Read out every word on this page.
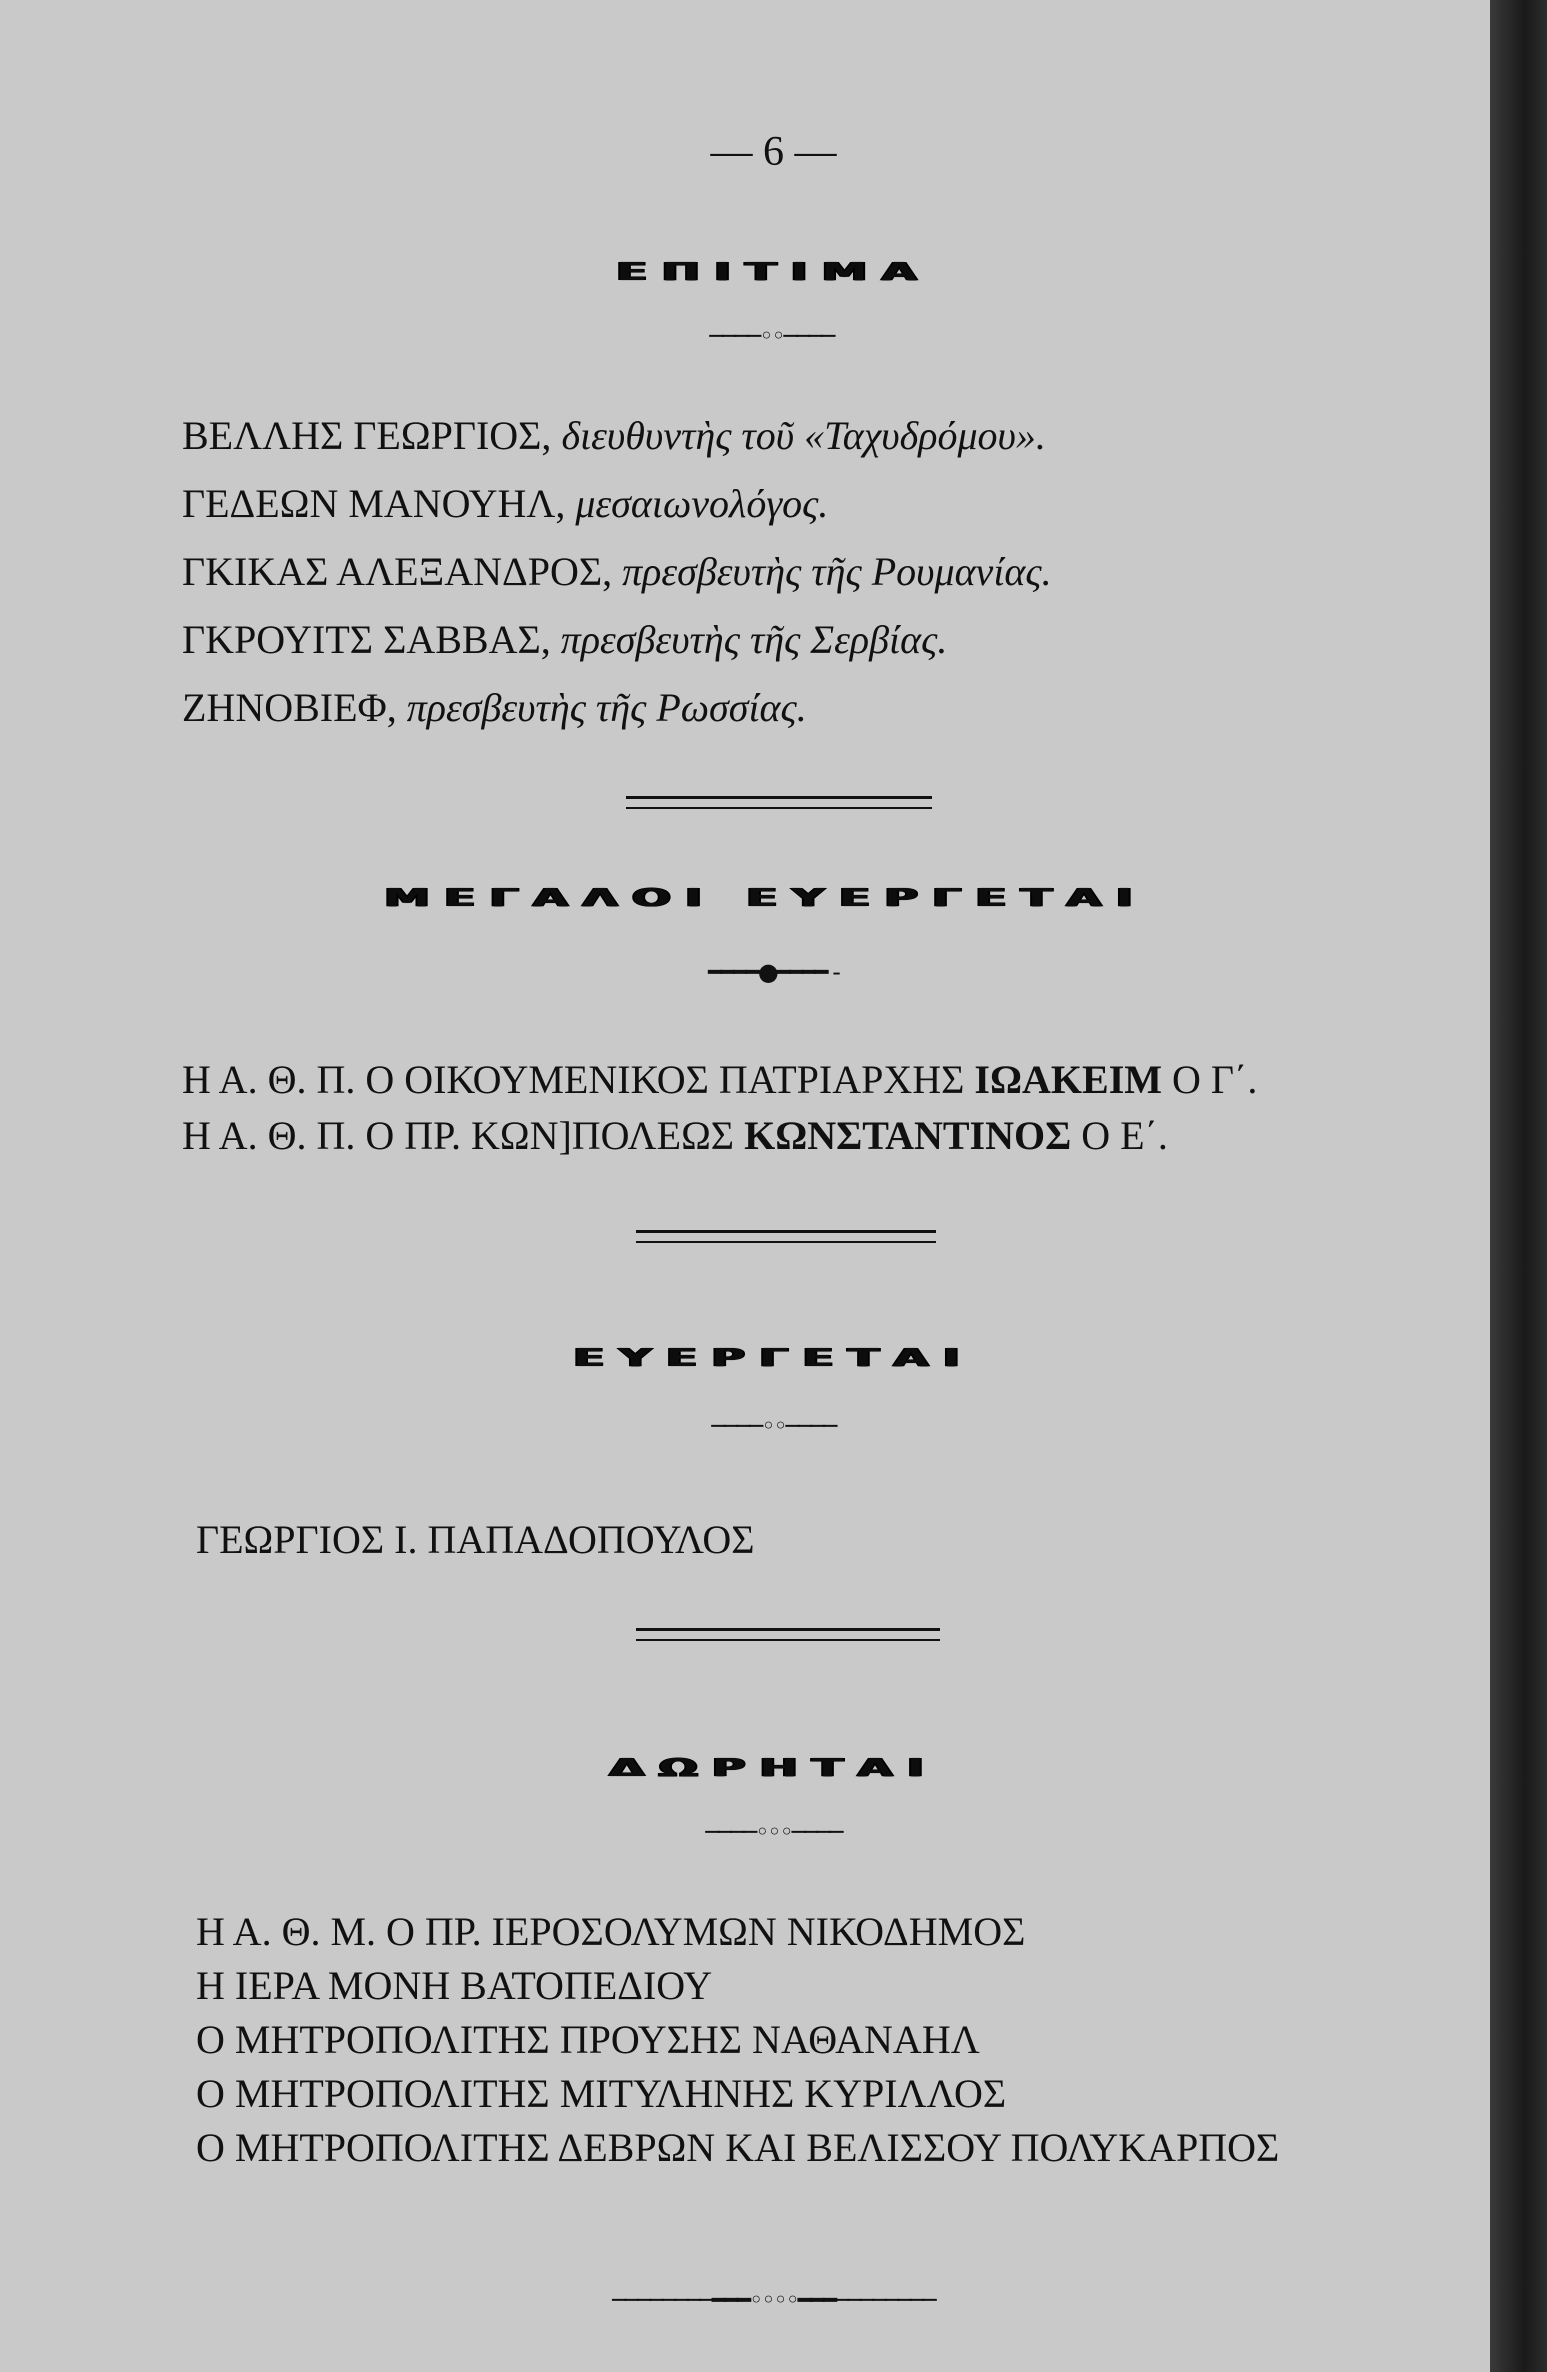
— 6 —
ΕΠΙΤΙΜΑ
────◦◦────
ΒΕΛΛΗΣ ΓΕΩΡΓΙΟΣ, διευθυντὴς τοῦ «Ταχυδρόμου».
ΓΕΔΕΩΝ ΜΑΝΟΥΗΛ, μεσαιωνολόγος.
ΓΚΙΚΑΣ ΑΛΕΞΑΝΔΡΟΣ, πρεσβευτὴς τῆς Ρουμανίας.
ΓΚΡΟΥΙΤΣ ΣΑΒΒΑΣ, πρεσβευτὴς τῆς Σερβίας.
ΖΗΝΟΒΙΕΦ, πρεσβευτὴς τῆς Ρωσσίας.
ΜΕΓΑΛΟΙ ΕΥΕΡΓΕΤΑΙ
━━━━●━━━━ -
Η Α. Θ. Π. Ο ΟΙΚΟΥΜΕΝΙΚΟΣ ΠΑΤΡΙΑΡΧΗΣ ΙΩΑΚΕΙΜ Ο Γ΄.
Η Α. Θ. Π. Ο ΠΡ. ΚΩΝ]ΠΟΛΕΩΣ ΚΩΝΣΤΑΝΤΙΝΟΣ Ο Ε΄.
ΕΥΕΡΓΕΤΑΙ
────◦◦────
ΓΕΩΡΓΙΟΣ Ι. ΠΑΠΑΔΟΠΟΥΛΟΣ
ΔΩΡΗΤΑΙ
────◦◦◦────
Η Α. Θ. Μ. Ο ΠΡ. ΙΕΡΟΣΟΛΥΜΩΝ ΝΙΚΟΔΗΜΟΣ
Η ΙΕΡΑ ΜΟΝΗ ΒΑΤΟΠΕΔΙΟΥ
Ο ΜΗΤΡΟΠΟΛΙΤΗΣ ΠΡΟΥΣΗΣ ΝΑΘΑΝΑΗΛ
Ο ΜΗΤΡΟΠΟΛΙΤΗΣ ΜΙΤΥΛΗΝΗΣ ΚΥΡΙΛΛΟΣ
Ο ΜΗΤΡΟΠΟΛΙΤΗΣ ΔΕΒΡΩΝ ΚΑΙ ΒΕΛΙΣΣΟΥ ΠΟΛΥΚΑΡΠΟΣ
────────━━━◦◦◦◦━━━────────
